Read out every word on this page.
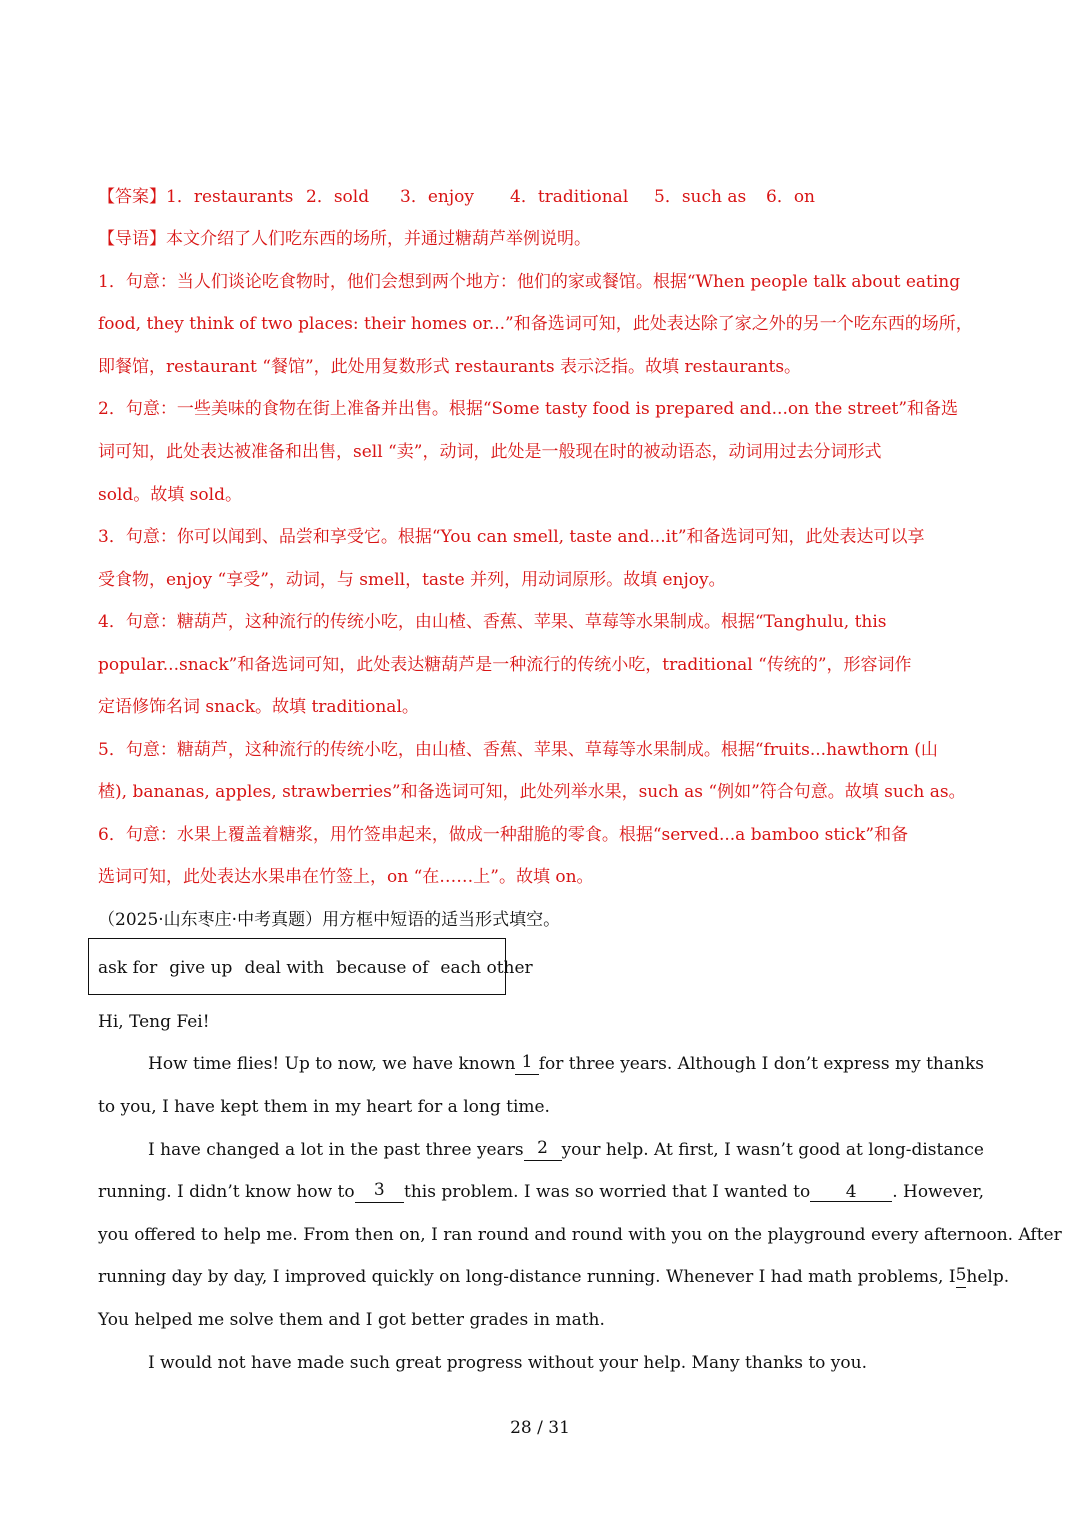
【答案】1．restaurants 2．sold 3．enjoy 4．traditional 5．such as 6．on
【导语】本文介绍了人们吃东西的场所，并通过糖葫芦举例说明。
1．句意：当人们谈论吃食物时，他们会想到两个地方：他们的家或餐馆。根据“When people talk about eating
food, they think of two places: their homes or...”和备选词可知，此处表达除了家之外的另一个吃东西的场所，
即餐馆，restaurant “餐馆”，此处用复数形式 restaurants 表示泛指。故填 restaurants。
2．句意：一些美味的食物在街上准备并出售。根据“Some tasty food is prepared and...on the street”和备选
词可知，此处表达被准备和出售，sell “卖”，动词，此处是一般现在时的被动语态，动词用过去分词形式
sold。故填 sold。
3．句意：你可以闻到、品尝和享受它。根据“You can smell, taste and...it”和备选词可知，此处表达可以享
受食物，enjoy “享受”，动词，与 smell，taste 并列，用动词原形。故填 enjoy。
4．句意：糖葫芦，这种流行的传统小吃，由山楂、香蕉、苹果、草莓等水果制成。根据“Tanghulu, this
popular...snack”和备选词可知，此处表达糖葫芦是一种流行的传统小吃，traditional “传统的”，形容词作
定语修饰名词 snack。故填 traditional。
5．句意：糖葫芦，这种流行的传统小吃，由山楂、香蕉、苹果、草莓等水果制成。根据“fruits...hawthorn (山
楂), bananas, apples, strawberries”和备选词可知，此处列举水果，such as “例如”符合句意。故填 such as。
6．句意：水果上覆盖着糖浆，用竹签串起来，做成一种甜脆的零食。根据“served...a bamboo stick”和备
选词可知，此处表达水果串在竹签上，on “在……上”。故填 on。
（2025·山东枣庄·中考真题）用方框中短语的适当形式填空。
ask for give up deal with because of each other
Hi, Teng Fei!
How time flies! Up to now, we have known 1 for three years. Although I don’t express my thanks
to you, I have kept them in my heart for a long time.
I have changed a lot in the past three years 2 your help. At first, I wasn’t good at long-distance
running. I didn’t know how to	3	this problem. I was so worried that I wanted to	4 . However,
you offered to help me. From then on, I ran round and round with you on the playground every afternoon. After
running day by day, I improved quickly on long-distance running. Whenever I had math problems, I 5 help.
You helped me solve them and I got better grades in math.
I would not have made such great progress without your help. Many thanks to you.
28 / 31
